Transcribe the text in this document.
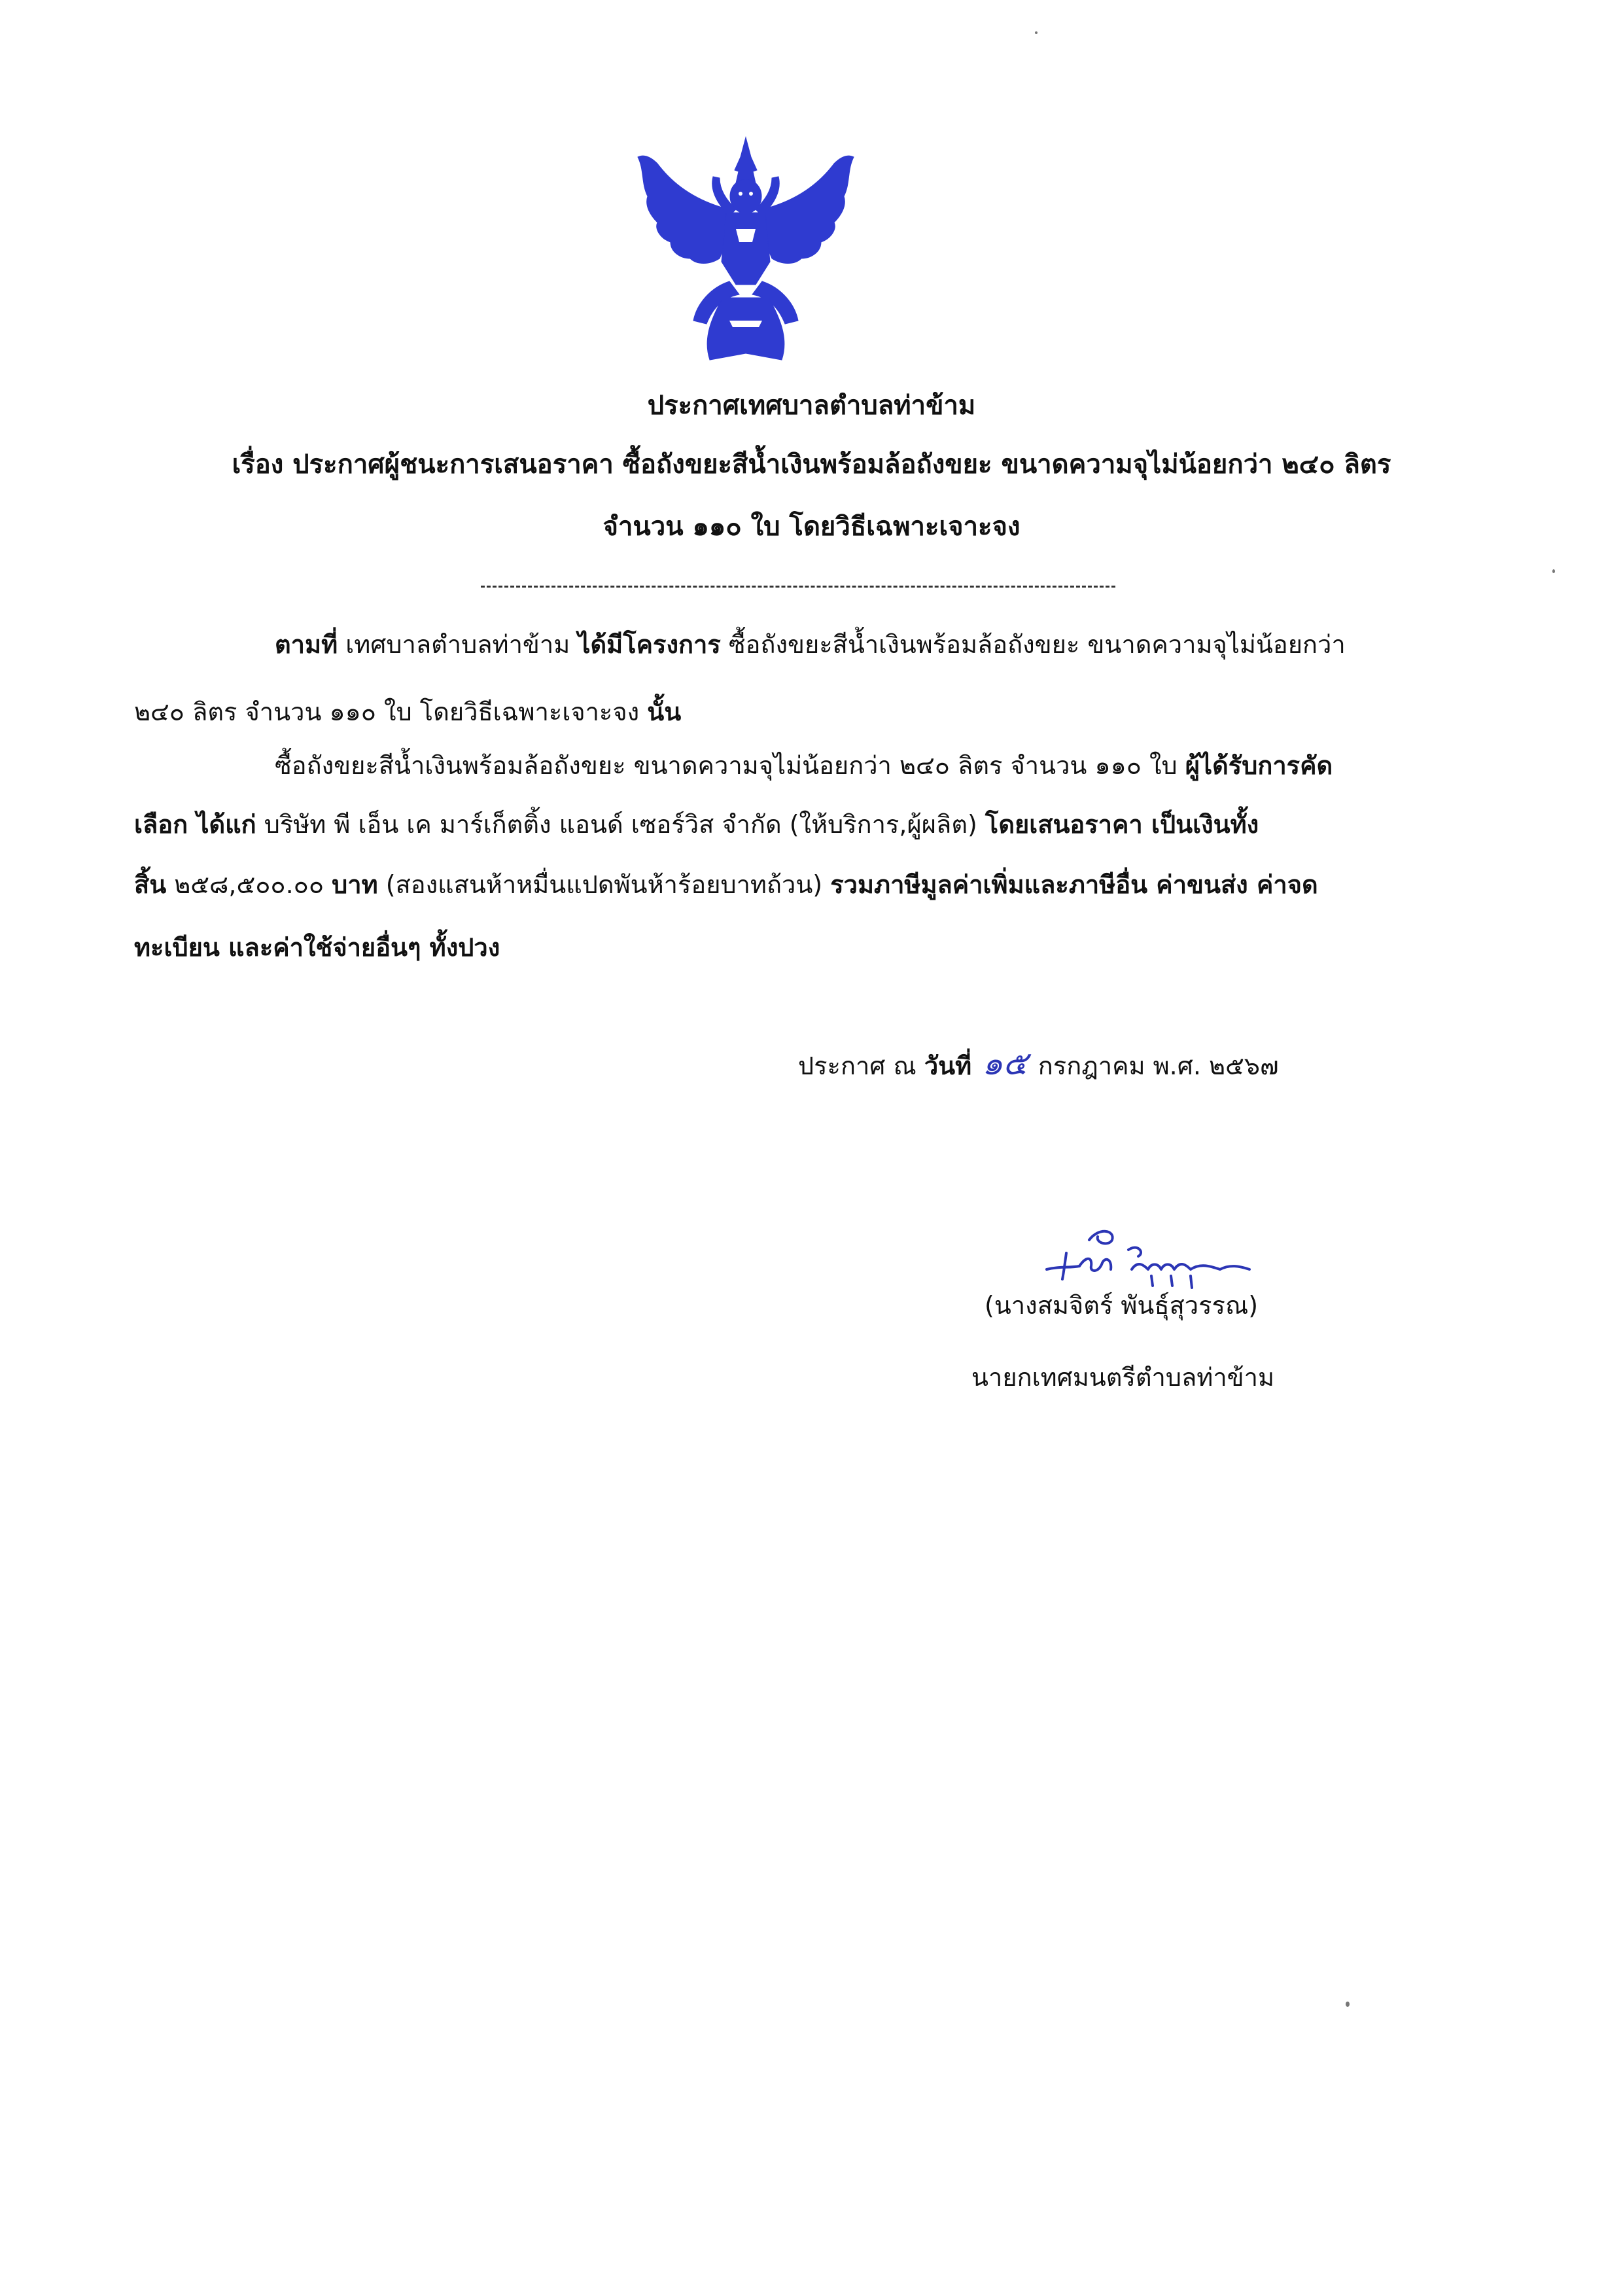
ประกาศเทศบาลตำบลท่าข้าม
เรื่อง ประกาศผู้ชนะการเสนอราคา ซื้อถังขยะสีน้ำเงินพร้อมล้อถังขยะ ขนาดความจุไม่น้อยกว่า ๒๔๐ ลิตร
จำนวน ๑๑๐ ใบ โดยวิธีเฉพาะเจาะจง
ตามที่ เทศบาลตำบลท่าข้าม ได้มีโครงการ ซื้อถังขยะสีน้ำเงินพร้อมล้อถังขยะ ขนาดความจุไม่น้อยกว่า
๒๔๐ ลิตร จำนวน ๑๑๐ ใบ โดยวิธีเฉพาะเจาะจง นั้น
ซื้อถังขยะสีน้ำเงินพร้อมล้อถังขยะ ขนาดความจุไม่น้อยกว่า ๒๔๐ ลิตร จำนวน ๑๑๐ ใบ ผู้ได้รับการคัด
เลือก ได้แก่ บริษัท พี เอ็น เค มาร์เก็ตติ้ง แอนด์ เซอร์วิส จำกัด (ให้บริการ,ผู้ผลิต) โดยเสนอราคา เป็นเงินทั้ง
สิ้น ๒๕๘,๕๐๐.๐๐ บาท (สองแสนห้าหมื่นแปดพันห้าร้อยบาทถ้วน) รวมภาษีมูลค่าเพิ่มและภาษีอื่น ค่าขนส่ง ค่าจด
ทะเบียน และค่าใช้จ่ายอื่นๆ ทั้งปวง
ประกาศ ณ วันที่ ๑๕ กรกฎาคม พ.ศ. ๒๕๖๗
(นางสมจิตร์ พันธุ์สุวรรณ)
นายกเทศมนตรีตำบลท่าข้าม
